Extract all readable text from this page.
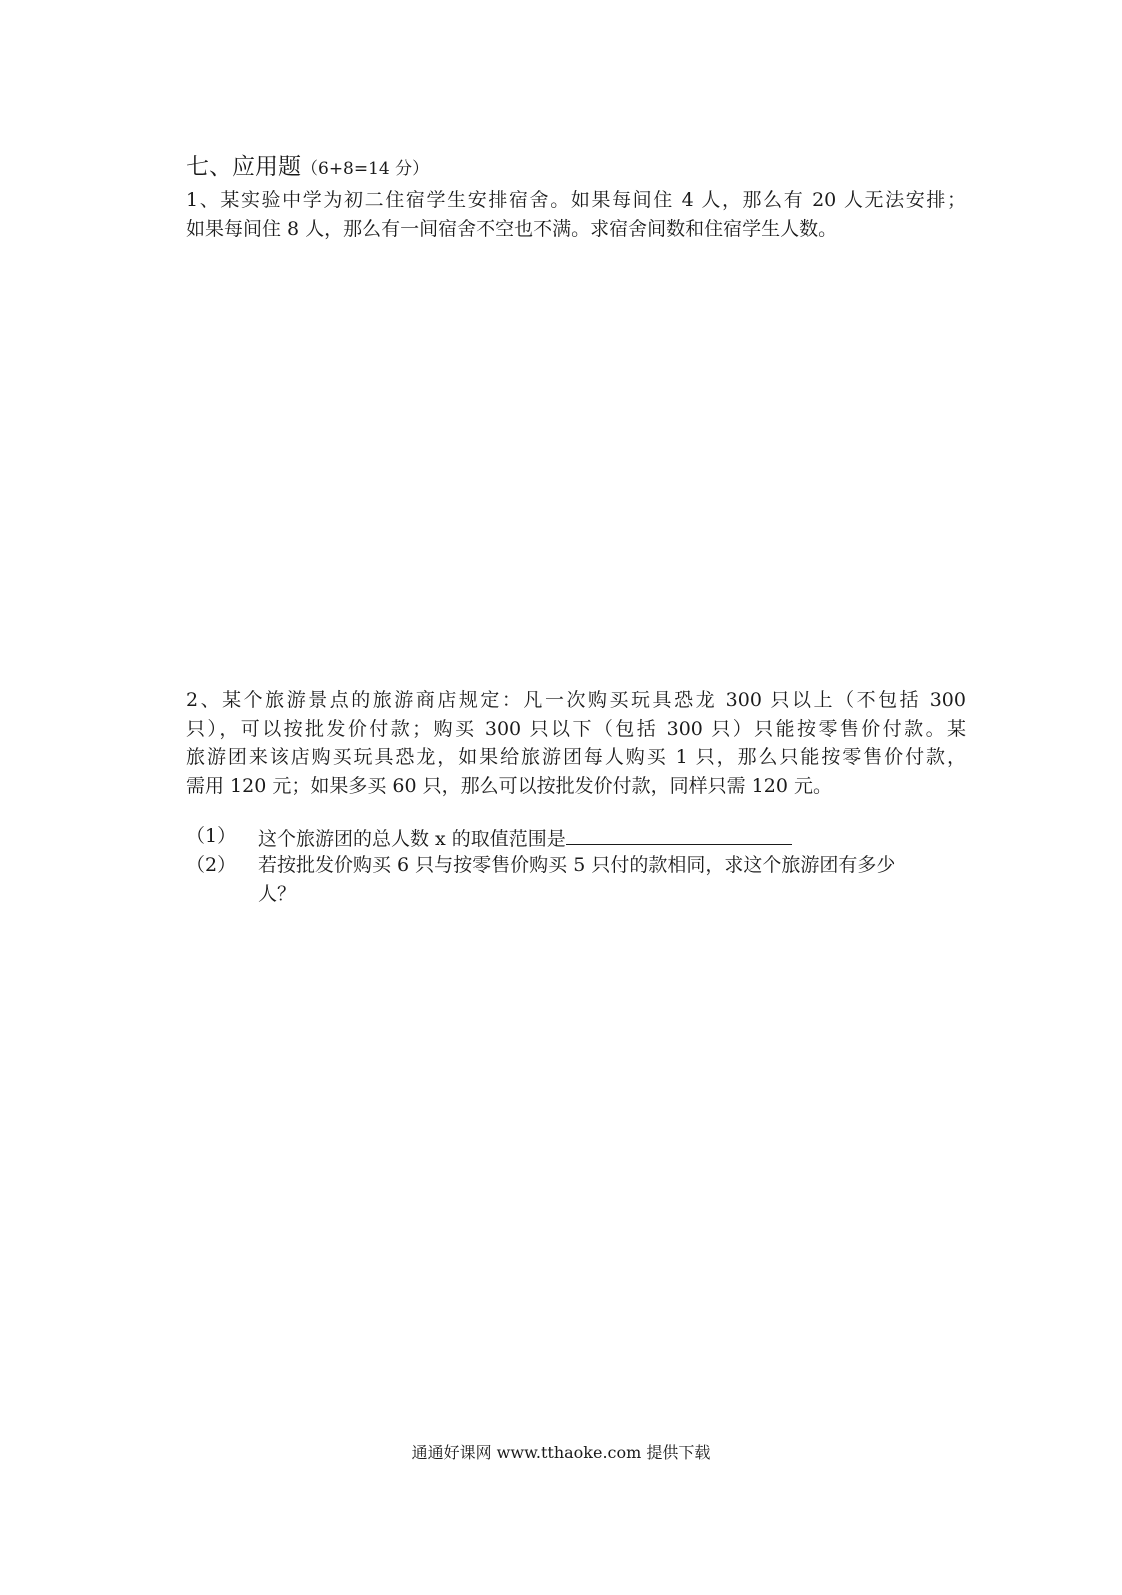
七、应用题（6+8=14 分）
1、某实验中学为初二住宿学生安排宿舍。如果每间住 4 人，那么有 20 人无法安排；
如果每间住 8 人，那么有一间宿舍不空也不满。求宿舍间数和住宿学生人数。
2、某个旅游景点的旅游商店规定：凡一次购买玩具恐龙 300 只以上（不包括 300
只），可以按批发价付款；购买 300 只以下（包括 300 只）只能按零售价付款。某
旅游团来该店购买玩具恐龙，如果给旅游团每人购买 1 只，那么只能按零售价付款，
需用 120 元；如果多买 60 只，那么可以按批发价付款，同样只需 120 元。
（1） 这个旅游团的总人数 x 的取值范围是
（2） 若按批发价购买 6 只与按零售价购买 5 只付的款相同，求这个旅游团有多少
人？
通通好课网 www.tthaoke.com 提供下载
